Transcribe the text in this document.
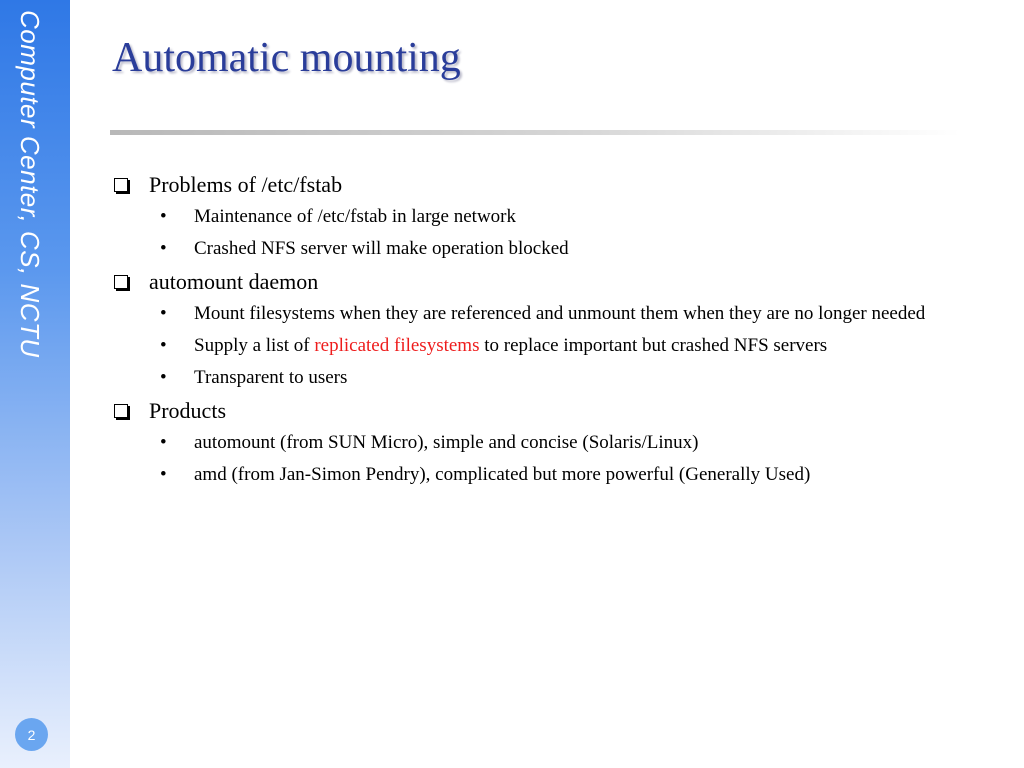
Computer Center, CS, NCTU
2
Automatic mounting
Problems of /etc/fstab
•	Maintenance of /etc/fstab in large network
•	Crashed NFS server will make operation blocked
automount daemon
•	Mount filesystems when they are referenced and unmount them when they are no longer needed
•	Supply a list of replicated filesystems to replace important but crashed NFS servers
•	Transparent to users
Products
•	automount (from SUN Micro), simple and concise (Solaris/Linux)
•	amd (from Jan-Simon Pendry), complicated but more powerful (Generally Used)
